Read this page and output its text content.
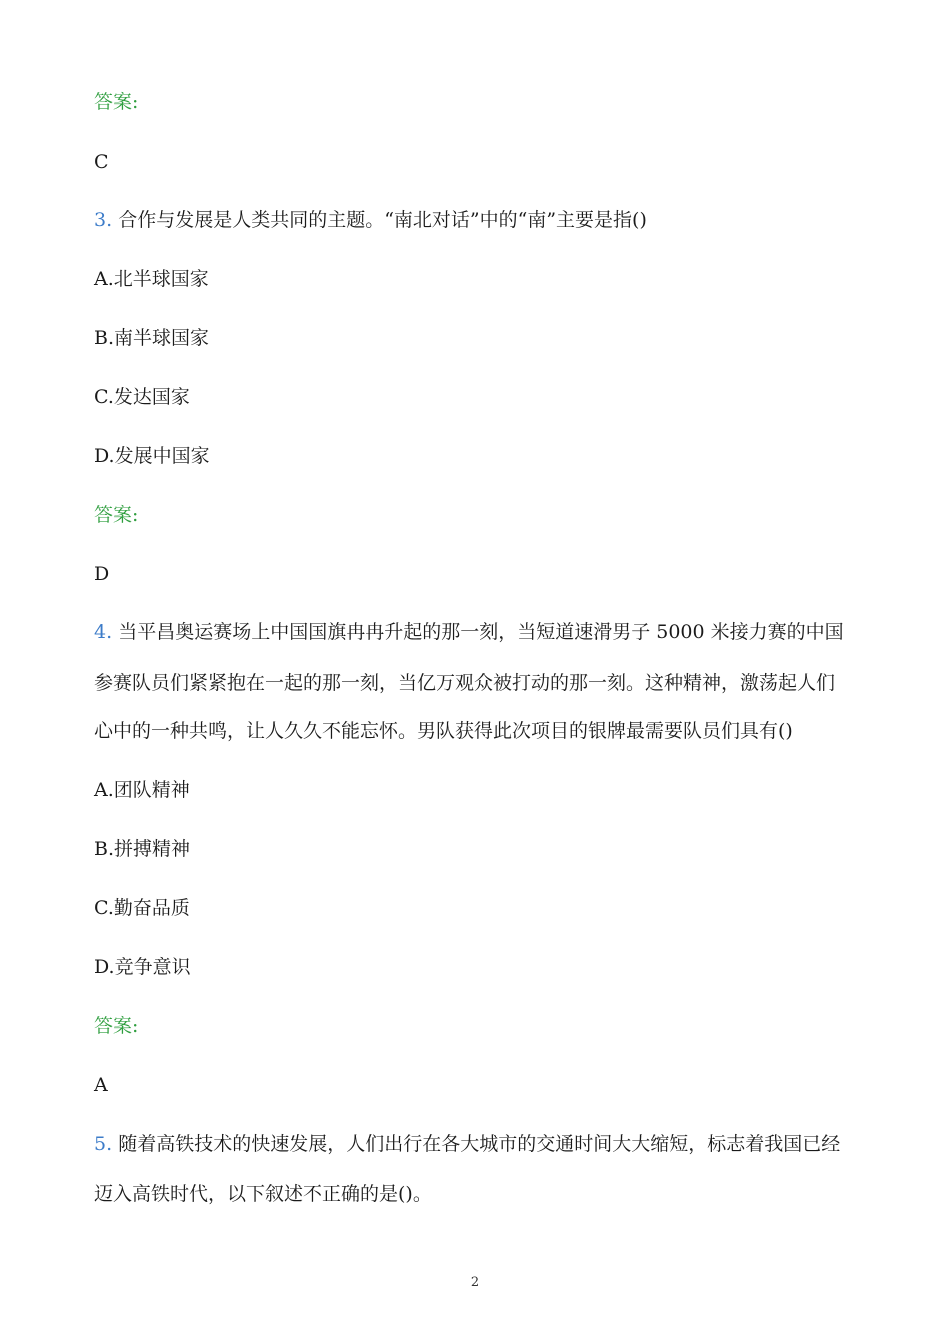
答案:

C

3. 合作与发展是人类共同的主题。“南北对话”中的“南”主要是指()

A.北半球国家

B.南半球国家

C.发达国家

D.发展中国家

答案:

D

4. 当平昌奥运赛场上中国国旗冉冉升起的那一刻，当短道速滑男子 5000 米接力赛的中国

参赛队员们紧紧抱在一起的那一刻，当亿万观众被打动的那一刻。这种精神，激荡起人们

心中的一种共鸣，让人久久不能忘怀。男队获得此次项目的银牌最需要队员们具有()

A.团队精神

B.拼搏精神

C.勤奋品质

D.竞争意识

答案:

A

5. 随着高铁技术的快速发展，人们出行在各大城市的交通时间大大缩短，标志着我国已经

迈入高铁时代，以下叙述不正确的是()。

2
